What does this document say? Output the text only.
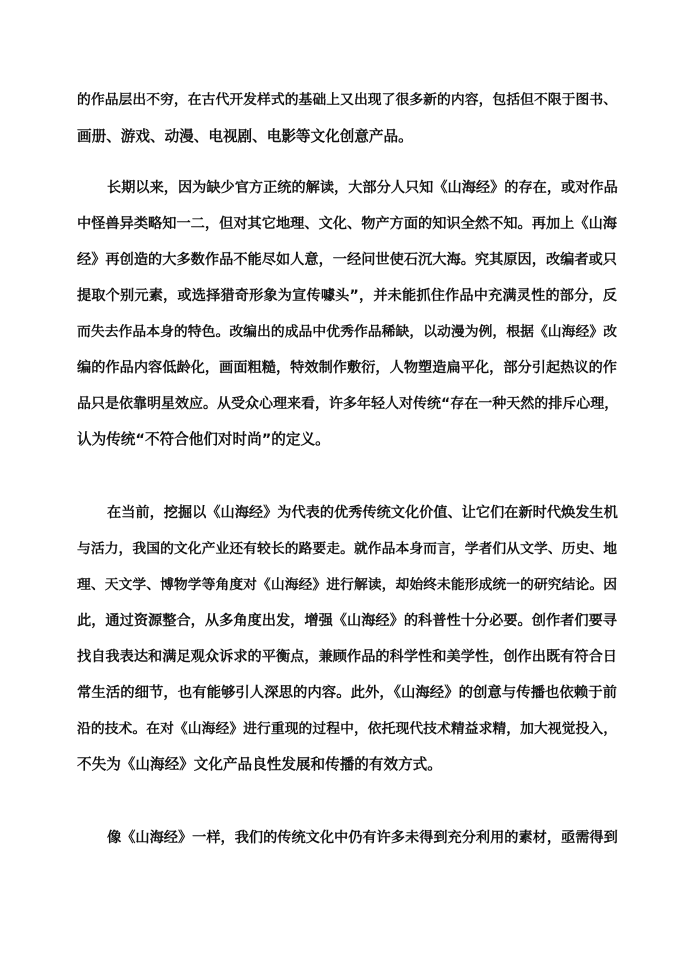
的作品层出不穷，在古代开发样式的基础上又出现了很多新的内容，包括但不限于图书、
画册、游戏、动漫、电视剧、电影等文化创意产品。
长期以来，因为缺少官方正统的解读，大部分人只知《山海经》的存在，或对作品
中怪兽异类略知一二，但对其它地理、文化、物产方面的知识全然不知。再加上《山海
经》再创造的大多数作品不能尽如人意，一经问世使石沉大海。究其原因，改编者或只
提取个别元素，或选择猎奇形象为宣传噱头”，并未能抓住作品中充满灵性的部分，反
而失去作品本身的特色。改编出的成品中优秀作品稀缺，以动漫为例，根据《山海经》改
编的作品内容低龄化，画面粗糙，特效制作敷衍，人物塑造扁平化，部分引起热议的作
品只是依靠明星效应。从受众心理来看，许多年轻人对传统“存在一种天然的排斥心理，
认为传统“不符合他们对时尚”的定义。
在当前，挖掘以《山海经》为代表的优秀传统文化价值、让它们在新时代焕发生机
与活力，我国的文化产业还有较长的路要走。就作品本身而言，学者们从文学、历史、地
理、天文学、博物学等角度对《山海经》进行解读，却始终未能形成统一的研究结论。因
此，通过资源整合，从多角度出发，增强《山海经》的科普性十分必要。创作者们要寻
找自我表达和满足观众诉求的平衡点，兼顾作品的科学性和美学性，创作出既有符合日
常生活的细节，也有能够引人深思的内容。此外，《山海经》的创意与传播也依赖于前
沿的技术。在对《山海经》进行重现的过程中，依托现代技术精益求精，加大视觉投入，
不失为《山海经》文化产品良性发展和传播的有效方式。
像《山海经》一样，我们的传统文化中仍有许多未得到充分利用的素材，亟需得到
